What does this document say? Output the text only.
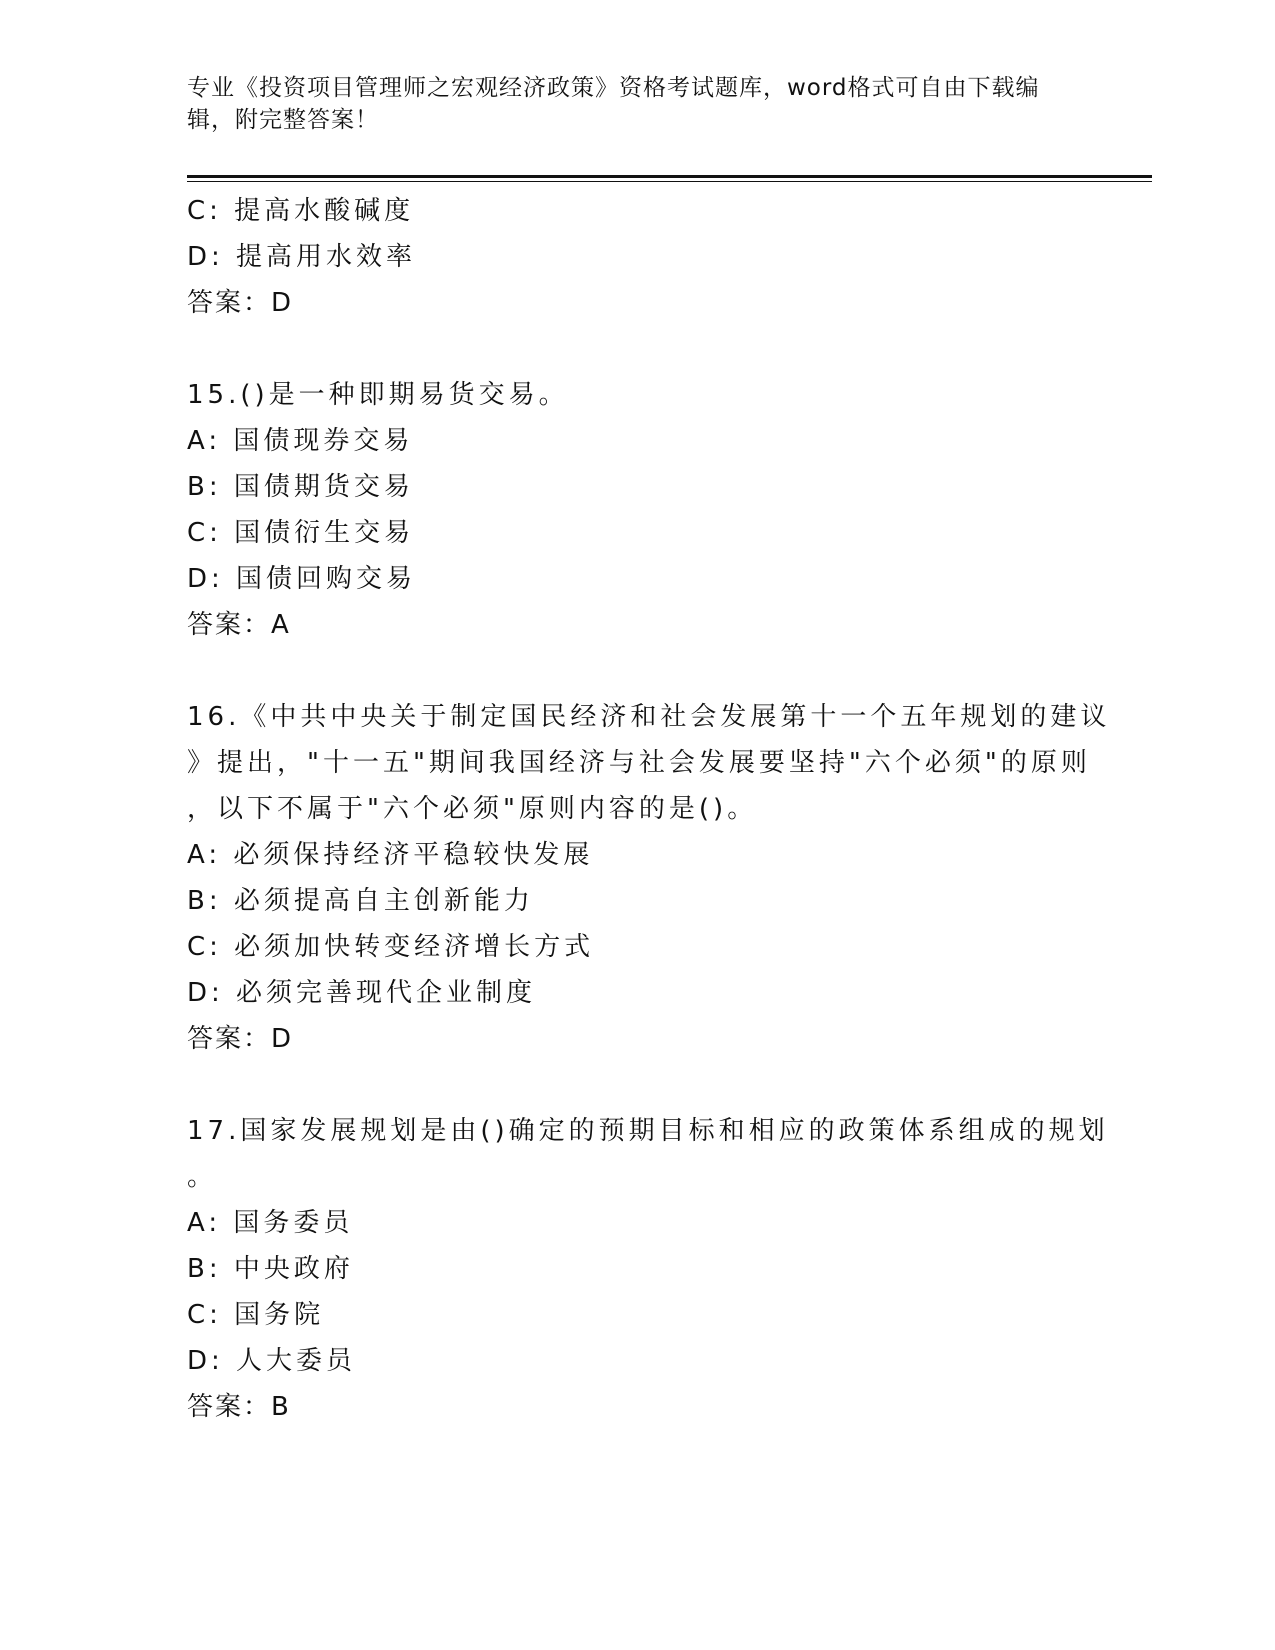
专业《投资项目管理师之宏观经济政策》资格考试题库，word格式可自由下载编
辑，附完整答案！
C: 提高水酸碱度
D: 提高用水效率
答案：D
15.()是一种即期易货交易。
A: 国债现券交易
B: 国债期货交易
C: 国债衍生交易
D: 国债回购交易
答案：A
16.《中共中央关于制定国民经济和社会发展第十一个五年规划的建议
》提出，"十一五"期间我国经济与社会发展要坚持"六个必须"的原则
，以下不属于"六个必须"原则内容的是()。
A: 必须保持经济平稳较快发展
B: 必须提高自主创新能力
C: 必须加快转变经济增长方式
D: 必须完善现代企业制度
答案：D
17.国家发展规划是由()确定的预期目标和相应的政策体系组成的规划
。
A: 国务委员
B: 中央政府
C: 国务院
D: 人大委员
答案：B
